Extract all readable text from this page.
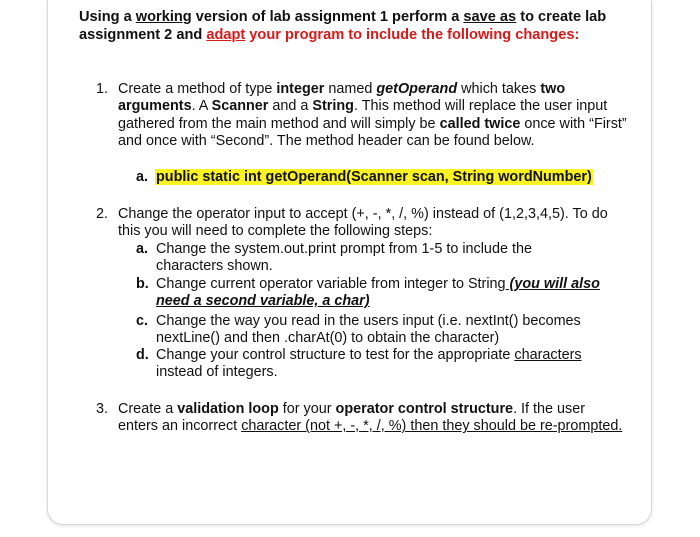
Using a working version of lab assignment 1 perform a save as to create lab assignment 2 and adapt your program to include the following changes:
1. Create a method of type integer named getOperand which takes two arguments. A Scanner and a String. This method will replace the user input gathered from the main method and will simply be called twice once with “First” and once with “Second”. The method header can be found below.
a. public static int getOperand(Scanner scan, String wordNumber)
2. Change the operator input to accept (+, -, *, /, %) instead of (1,2,3,4,5). To do this you will need to complete the following steps:
a. Change the system.out.print prompt from 1-5 to include the characters shown.
b. Change current operator variable from integer to String (you will also need a second variable, a char)
c. Change the way you read in the users input (i.e. nextInt() becomes nextLine() and then .charAt(0) to obtain the character)
d. Change your control structure to test for the appropriate characters instead of integers.
3. Create a validation loop for your operator control structure. If the user enters an incorrect character (not +, -, *, /, %) then they should be re-prompted.
